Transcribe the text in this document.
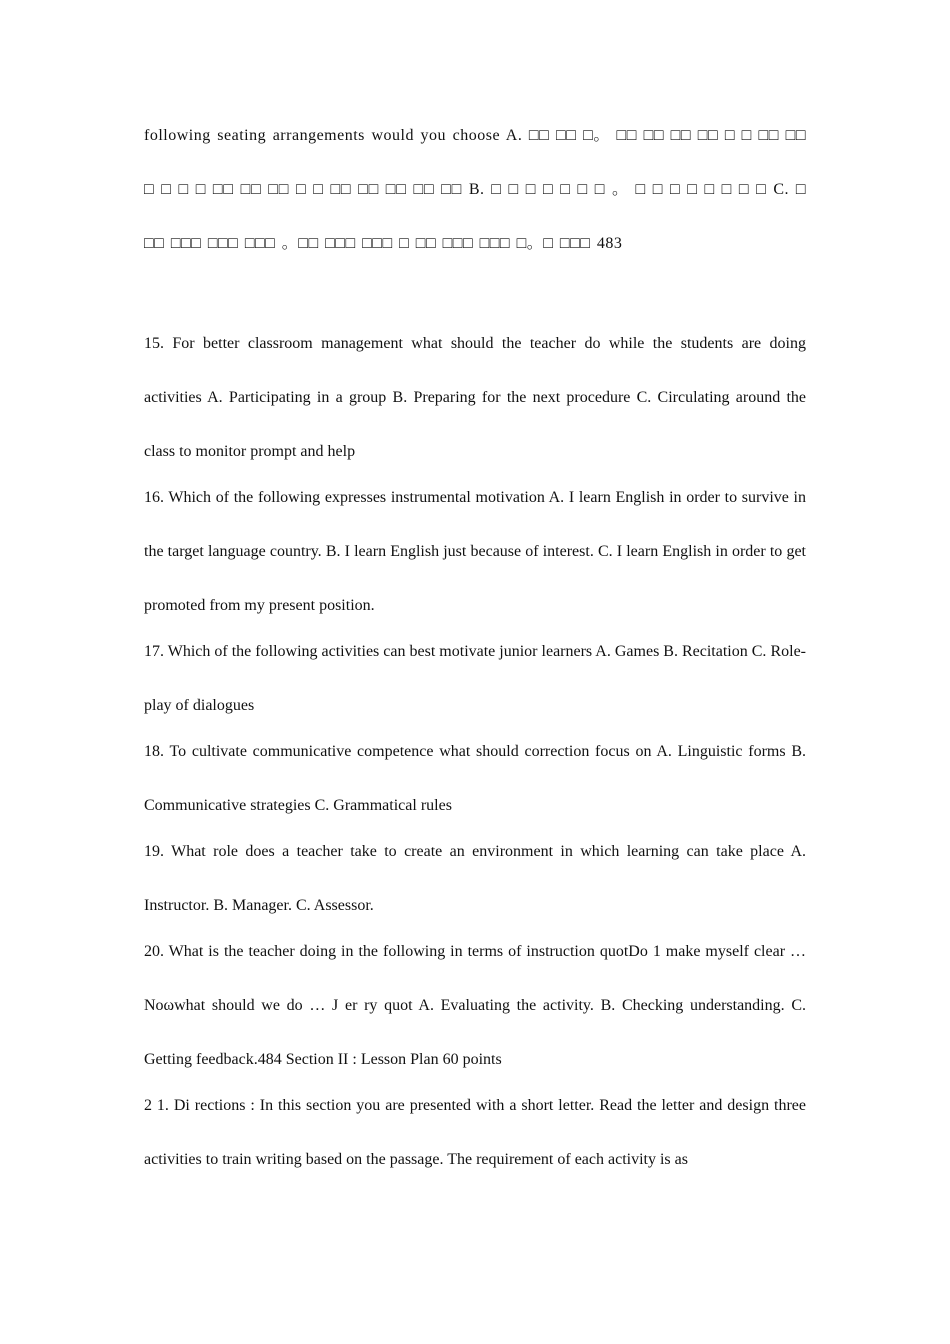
following seating arrangements would you choose A. □□ □□ □。 □□ □□ □□ □□ □ □ □□ □□ □ □ □ □ □□ □□ □□ □ □ □□ □□ □□ □□ □□ B. □ □ □ □ □ □ □ 。 □ □ □ □ □ □ □ □ C. □ □□ □□□ □□□ □□□ 。□□ □□□ □□□ □ □□ □□□ □□□ □。□ □□□ 483

15. For better classroom management what should the teacher do while the students are doing activities A. Participating in a group B. Preparing for the next procedure C. Circulating around the class to monitor prompt and help

16. Which of the following expresses instrumental motivation A. I learn English in order to survive in the target language country. B. I learn English just because of interest. C. I learn English in order to get promoted from my present position.

17. Which of the following activities can best motivate junior learners A. Games B. Recitation C. Role-play of dialogues

18. To cultivate communicative competence what should correction focus on A. Linguistic forms B. Communicative strategies C. Grammatical rules

19. What role does a teacher take to create an environment in which learning can take place A. Instructor. B. Manager. C. Assessor.

20. What is the teacher doing in the following in terms of instruction quotDo 1 make myself clear … Noωwhat should we do … J er ry quot A. Evaluating the activity. B. Checking understanding. C. Getting feedback.484 Section II : Lesson Plan 60 points

2 1. Di rections : In this section you are presented with a short letter. Read the letter and design three activities to train writing based on the passage. The requirement of each activity is as
